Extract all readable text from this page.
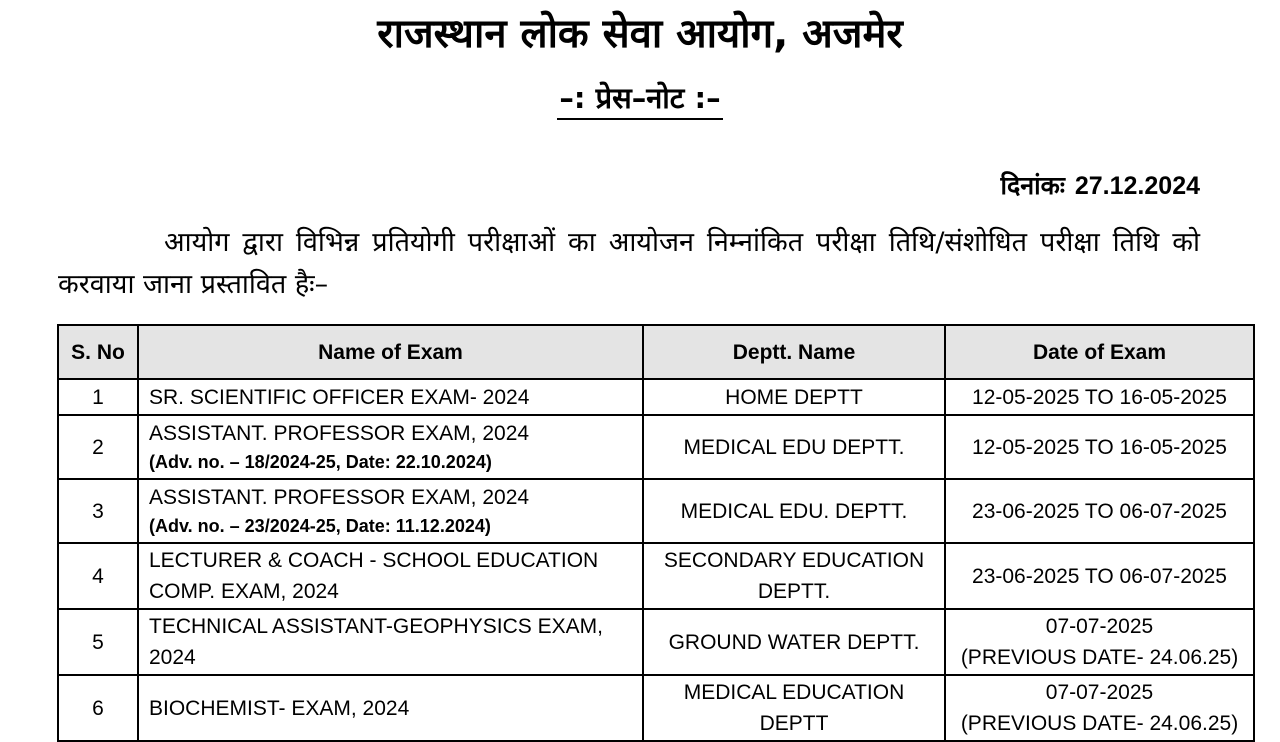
राजस्थान लोक सेवा आयोग, अजमेर
–: प्रेस–नोट :–
दिनांकः 27.12.2024
आयोग द्वारा विभिन्न प्रतियोगी परीक्षाओं का आयोजन निम्नांकित परीक्षा तिथि/संशोधित परीक्षा तिथि को करवाया जाना प्रस्तावित हैः–
S. No	Name of Exam	Deptt. Name	Date of Exam
1	SR. SCIENTIFIC OFFICER EXAM- 2024	HOME DEPTT	12-05-2025 TO 16-05-2025
2	ASSISTANT. PROFESSOR EXAM, 2024
(Adv. no. – 18/2024-25, Date: 22.10.2024)	MEDICAL EDU DEPTT.	12-05-2025 TO 16-05-2025
3	ASSISTANT. PROFESSOR EXAM, 2024
(Adv. no. – 23/2024-25, Date: 11.12.2024)	MEDICAL EDU. DEPTT.	23-06-2025 TO 06-07-2025
4	LECTURER & COACH - SCHOOL EDUCATION COMP. EXAM, 2024	SECONDARY EDUCATION DEPTT.	23-06-2025 TO 06-07-2025
5	TECHNICAL ASSISTANT-GEOPHYSICS EXAM, 2024	GROUND WATER DEPTT.	07-07-2025
(PREVIOUS DATE- 24.06.25)

6	BIOCHEMIST- EXAM, 2024	MEDICAL EDUCATION DEPTT	07-07-2025
(PREVIOUS DATE- 24.06.25)
